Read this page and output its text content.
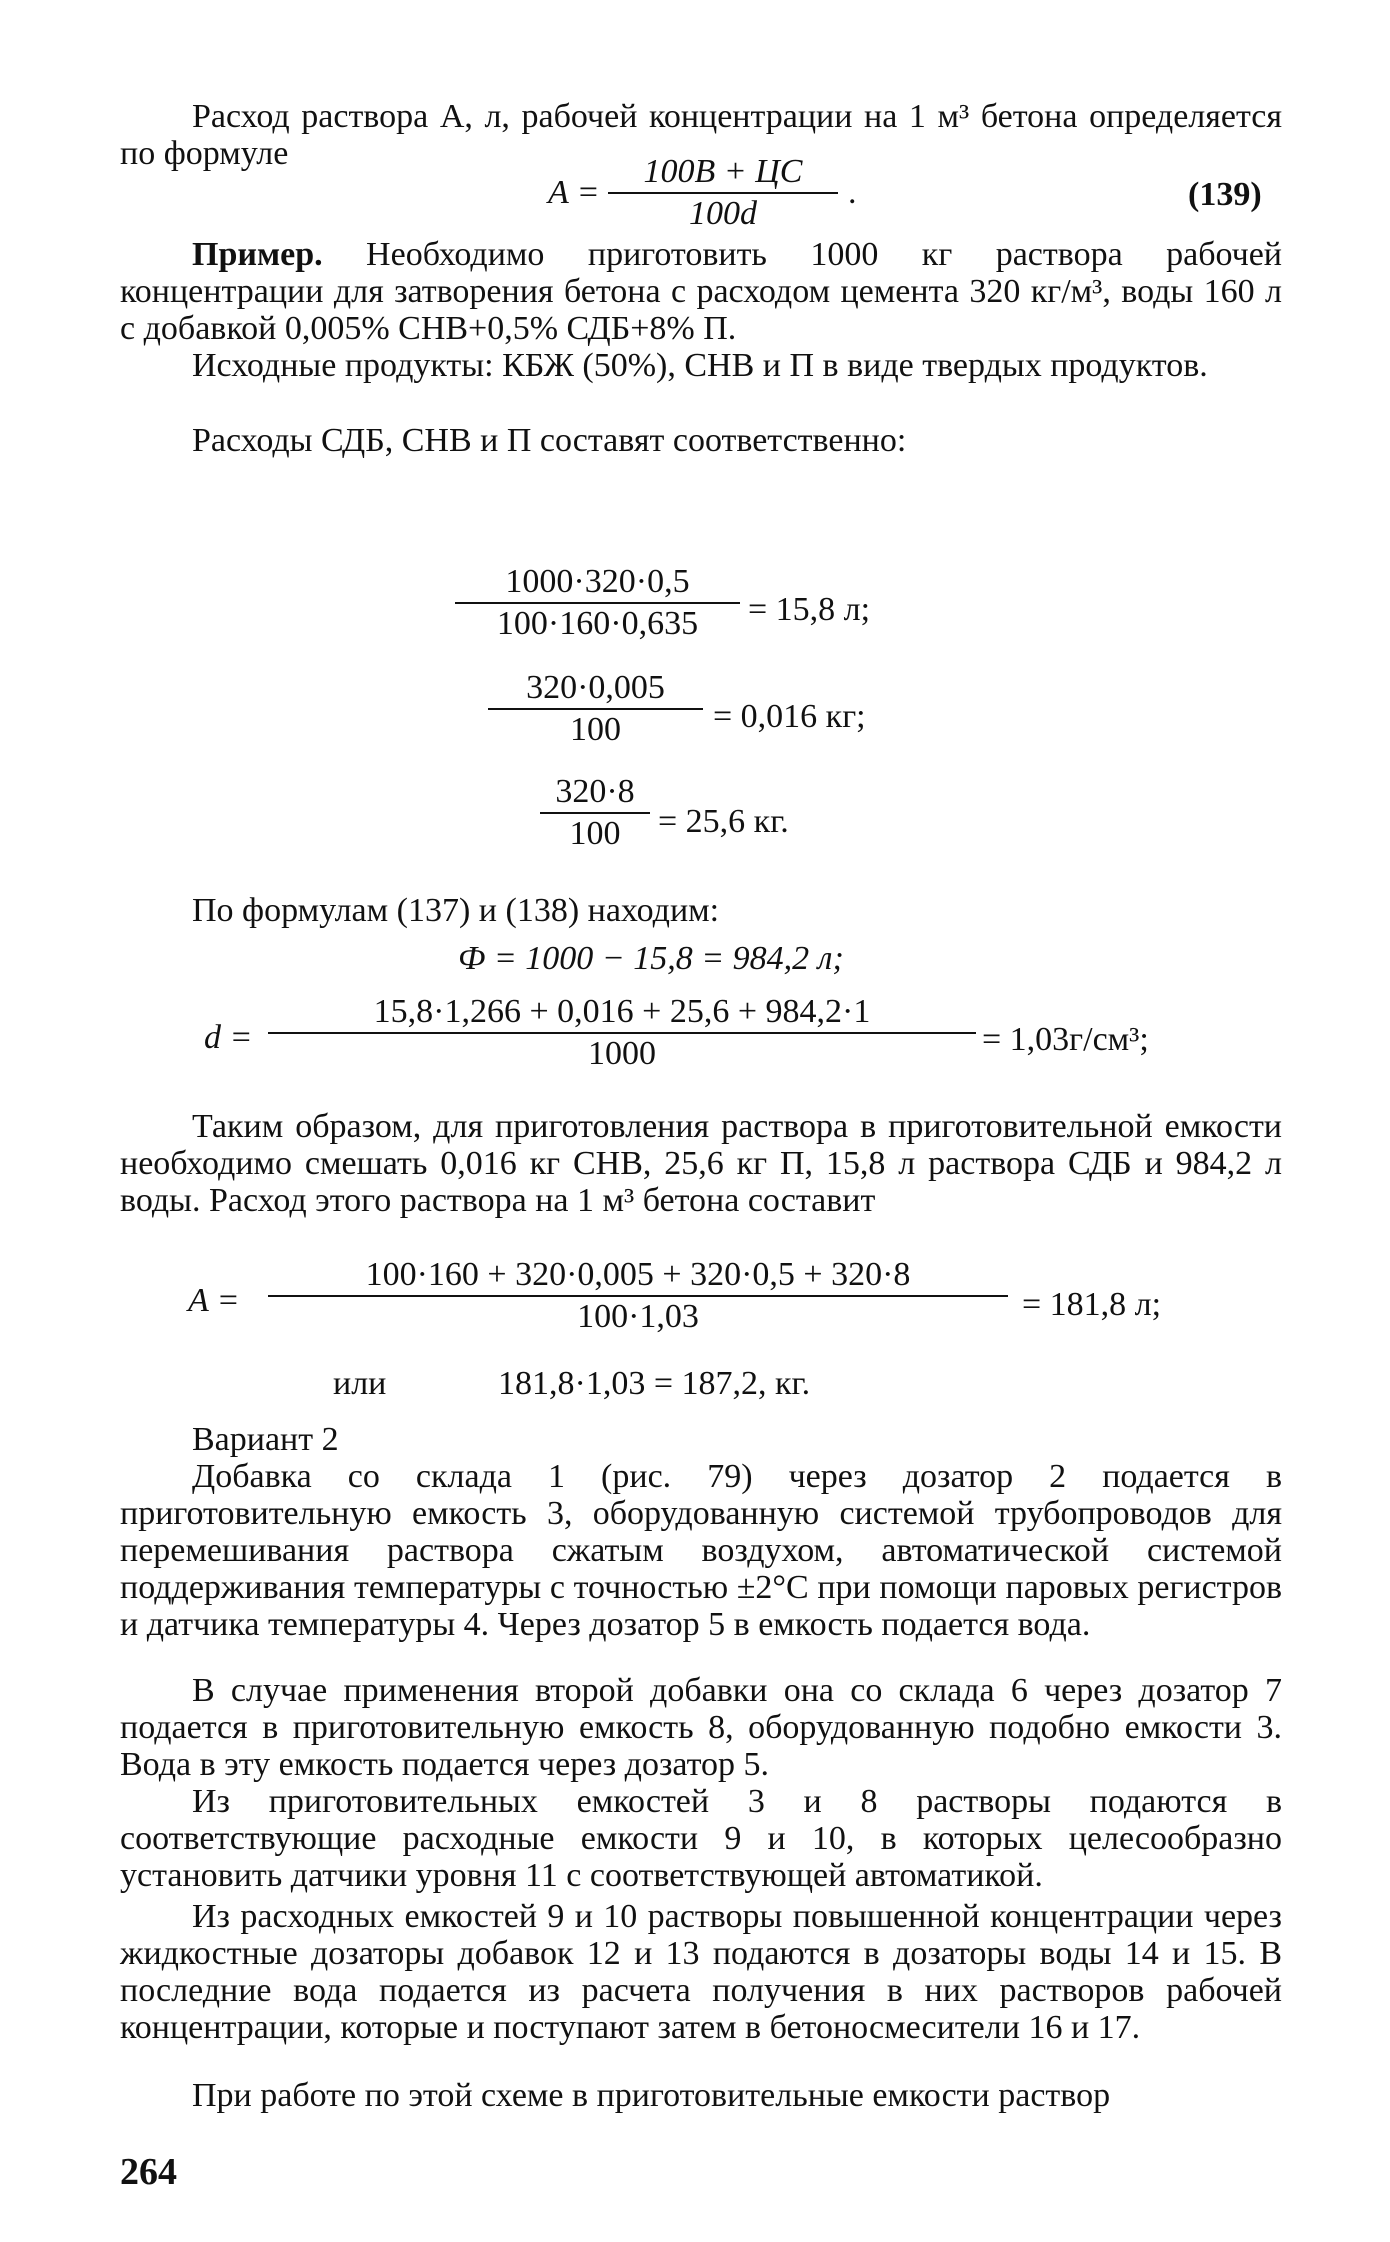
Расход раствора A, л, рабочей концентрации на 1 м³ бетона определяется по формуле
A =
100B + ЦС
100d
.	(139)
Пример. Необходимо приготовить 1000 кг раствора рабочей концентрации для затворения бетона с расходом цемента 320 кг/м³, воды 160 л с добавкой 0,005% СНВ+0,5% СДБ+8% П.
Исходные продукты: КБЖ (50%), СНВ и П в виде твердых продуктов.
Расходы СДБ, СНВ и П составят соответственно:
1000·320·0,5
100·160·0,635	= 15,8 л;
320·0,005
100	= 0,016 кг;
320·8
100	= 25,6 кг.
По формулам (137) и (138) находим:
Ф = 1000 − 15,8 = 984,2 л;
d =
15,8·1,266 + 0,016 + 25,6 + 984,2·1
1000	= 1,03г/см³;
Таким образом, для приготовления раствора в приготовительной емкости необходимо смешать 0,016 кг СНВ, 25,6 кг П, 15,8 л раствора СДБ и 984,2 л воды. Расход этого раствора на 1 м³ бетона составит
A =
100·160 + 320·0,005 + 320·0,5 + 320·8
100·1,03	= 181,8 л;
или	181,8·1,03 = 187,2, кг.
Вариант 2
Добавка со склада 1 (рис. 79) через дозатор 2 подается в приготовительную емкость 3, оборудованную системой трубопроводов для перемешивания раствора сжатым воздухом, автоматической системой поддерживания температуры с точностью ±2°С при помощи паровых регистров и датчика температуры 4. Через дозатор 5 в емкость подается вода.
В случае применения второй добавки она со склада 6 через дозатор 7 подается в приготовительную емкость 8, оборудованную подобно емкости 3. Вода в эту емкость подается через дозатор 5.
Из приготовительных емкостей 3 и 8 растворы подаются в соответствующие расходные емкости 9 и 10, в которых целесообразно установить датчики уровня 11 с соответствующей автоматикой.
Из расходных емкостей 9 и 10 растворы повышенной концентрации через жидкостные дозаторы добавок 12 и 13 подаются в дозаторы воды 14 и 15. В последние вода подается из расчета получения в них растворов рабочей концентрации, которые и поступают затем в бетоносмесители 16 и 17.
При работе по этой схеме в приготовительные емкости раствор
264
